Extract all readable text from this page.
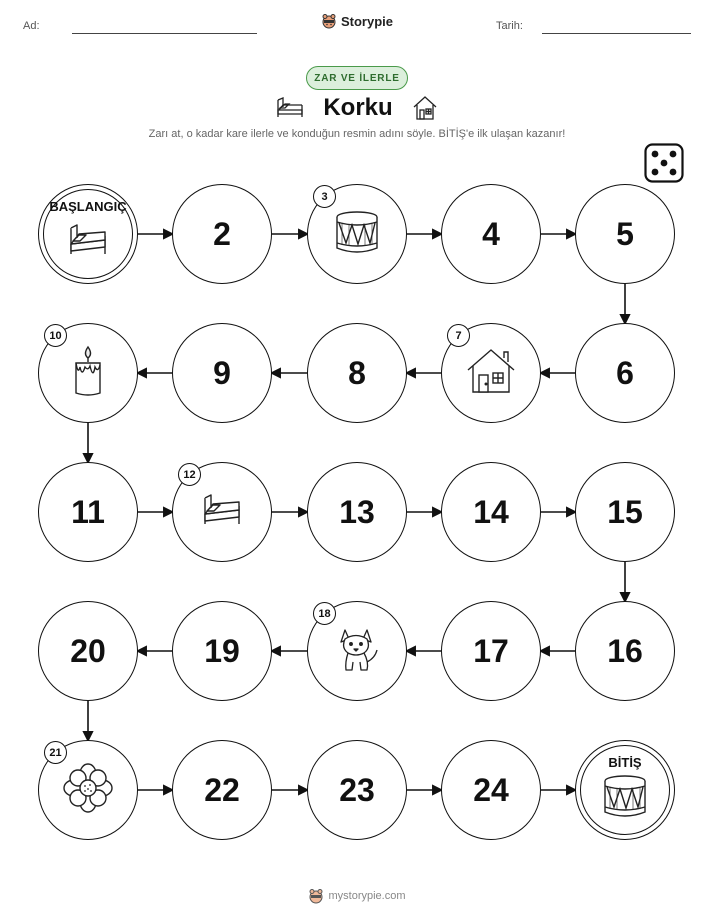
Ad:	Storypie	Tarih:
ZAR VE İLERLE
Korku
Zarı at, o kadar kare ilerle ve konduğun resmin adını söyle. BİTİŞ'e ilk ulaşan kazanır!
BAŞLANGIÇ
2
3
4	5
10
9	8
7
6
11
12
13	14	15
20	19
18
17	16
21
22	23	24
BİTİŞ
mystorypie.com
